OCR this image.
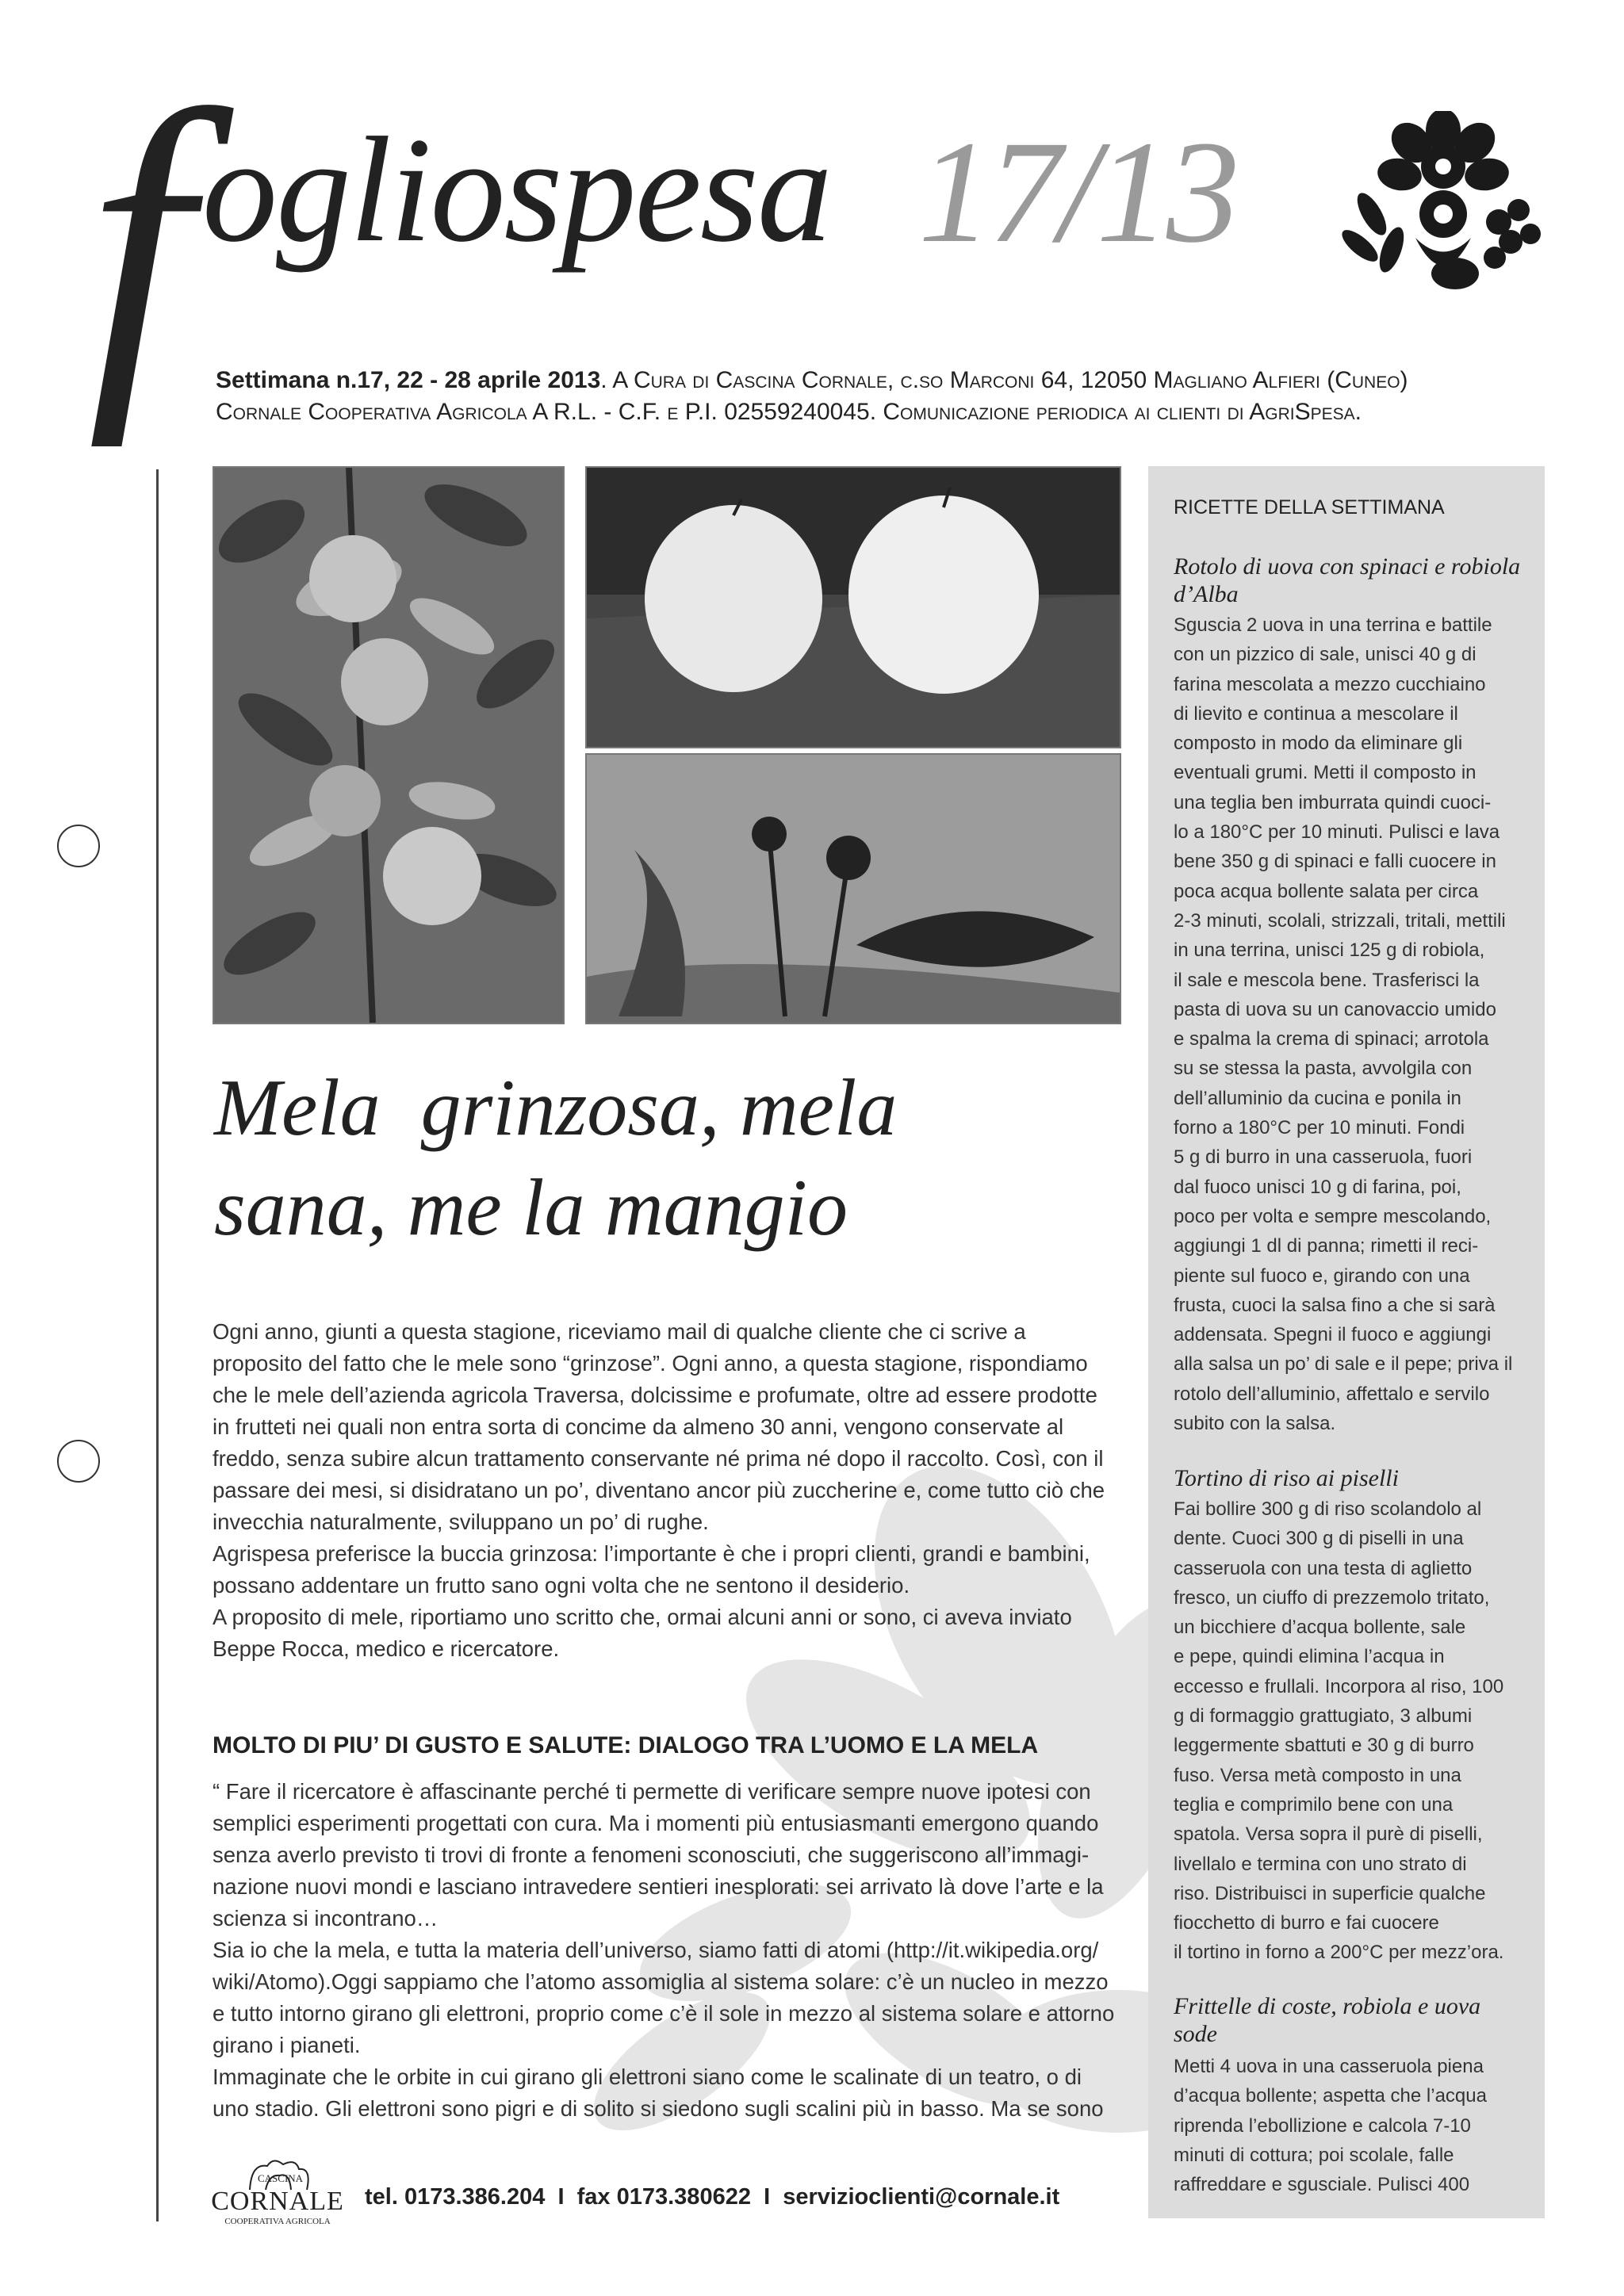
f ogliospesa 17/13
Settimana n.17, 22 - 28 aprile 2013. A Cura di Cascina Cornale, c.so Marconi 64, 12050 Magliano Alfieri (Cuneo)
Cornale Cooperativa Agricola A R.L. - C.F. e P.I. 02559240045. Comunicazione periodica ai clienti di AgriSpesa.
RICETTE DELLA SETTIMANA
Rotolo di uova con spinaci e robiola
d’Alba
Sguscia 2 uova in una terrina e battile
con un pizzico di sale, unisci 40 g di
farina mescolata a mezzo cucchiaino
di lievito e continua a mescolare il
composto in modo da eliminare gli
eventuali grumi. Metti il composto in
una teglia ben imburrata quindi cuoci-
lo a 180°C per 10 minuti. Pulisci e lava
bene 350 g di spinaci e falli cuocere in
poca acqua bollente salata per circa
2-3 minuti, scolali, strizzali, tritali, mettili
in una terrina, unisci 125 g di robiola,
il sale e mescola bene. Trasferisci la
pasta di uova su un canovaccio umido
e spalma la crema di spinaci; arrotola
su se stessa la pasta, avvolgila con
dell’alluminio da cucina e ponila in
forno a 180°C per 10 minuti. Fondi
5 g di burro in una casseruola, fuori
dal fuoco unisci 10 g di farina, poi,
poco per volta e sempre mescolando,
aggiungi 1 dl di panna; rimetti il reci-
piente sul fuoco e, girando con una
frusta, cuoci la salsa fino a che si sarà
addensata. Spegni il fuoco e aggiungi
alla salsa un po’ di sale e il pepe; priva il
rotolo dell’alluminio, affettalo e servilo
subito con la salsa.
Tortino di riso ai piselli
Fai bollire 300 g di riso scolandolo al
dente. Cuoci 300 g di piselli in una
casseruola con una testa di aglietto
fresco, un ciuffo di prezzemolo tritato,
un bicchiere d’acqua bollente, sale
e pepe, quindi elimina l’acqua in
eccesso e frullali. Incorpora al riso, 100
g di formaggio grattugiato, 3 albumi
leggermente sbattuti e 30 g di burro
fuso. Versa metà composto in una
teglia e comprimilo bene con una
spatola. Versa sopra il purè di piselli,
livellalo e termina con uno strato di
riso. Distribuisci in superficie qualche
fiocchetto di burro e fai cuocere
il tortino in forno a 200°C per mezz’ora.
Frittelle di coste, robiola e uova
sode
Metti 4 uova in una casseruola piena
d’acqua bollente; aspetta che l’acqua
riprenda l’ebollizione e calcola 7-10
minuti di cottura; poi scolale, falle
raffreddare e sgusciale. Pulisci 400
Mela  grinzosa, mela
sana, me la mangio

Ogni anno, giunti a questa stagione, riceviamo mail di qualche cliente che ci scrive a

proposito del fatto che le mele sono “grinzose”. Ogni anno, a questa stagione, rispondiamo

che le mele dell’azienda agricola Traversa, dolcissime e profumate, oltre ad essere prodotte

in frutteti nei quali non entra sorta di concime da almeno 30 anni, vengono conservate al

freddo, senza subire alcun trattamento conservante né prima né dopo il raccolto. Così, con il

passare dei mesi, si disidratano un po’, diventano ancor più zuccherine e, come tutto ciò che

invecchia naturalmente, sviluppano un po’ di rughe.

Agrispesa preferisce la buccia grinzosa: l’importante è che i propri clienti, grandi e bambini,

possano addentare un frutto sano ogni volta che ne sentono il desiderio.

A proposito di mele, riportiamo uno scritto che, ormai alcuni anni or sono, ci aveva inviato

Beppe Rocca, medico e ricercatore.

MOLTO DI PIU’ DI GUSTO E SALUTE: DIALOGO TRA L’UOMO E LA MELA

“ Fare il ricercatore è affascinante perché ti permette di verificare sempre nuove ipotesi con

semplici esperimenti progettati con cura. Ma i momenti più entusiasmanti emergono quando

senza averlo previsto ti trovi di fronte a fenomeni sconosciuti, che suggeriscono all’immagi-

nazione nuovi mondi e lasciano intravedere sentieri inesplorati: sei arrivato là dove l’arte e la

scienza si incontrano…

Sia io che la mela, e tutta la materia dell’universo, siamo fatti di atomi (http://it.wikipedia.org/

wiki/Atomo).Oggi sappiamo che l’atomo assomiglia al sistema solare: c’è un nucleo in mezzo

e tutto intorno girano gli elettroni, proprio come c’è il sole in mezzo al sistema solare e attorno

girano i pianeti.

Immaginate che le orbite in cui girano gli elettroni siano come le scalinate di un teatro, o di

uno stadio. Gli elettroni sono pigri e di solito si siedono sugli scalini più in basso. Ma se sono

CASCINA
CORNALE
COOPERATIVA AGRICOLA
tel. 0173.386.204  I  fax 0173.380622  I  servizioclienti@cornale.it
